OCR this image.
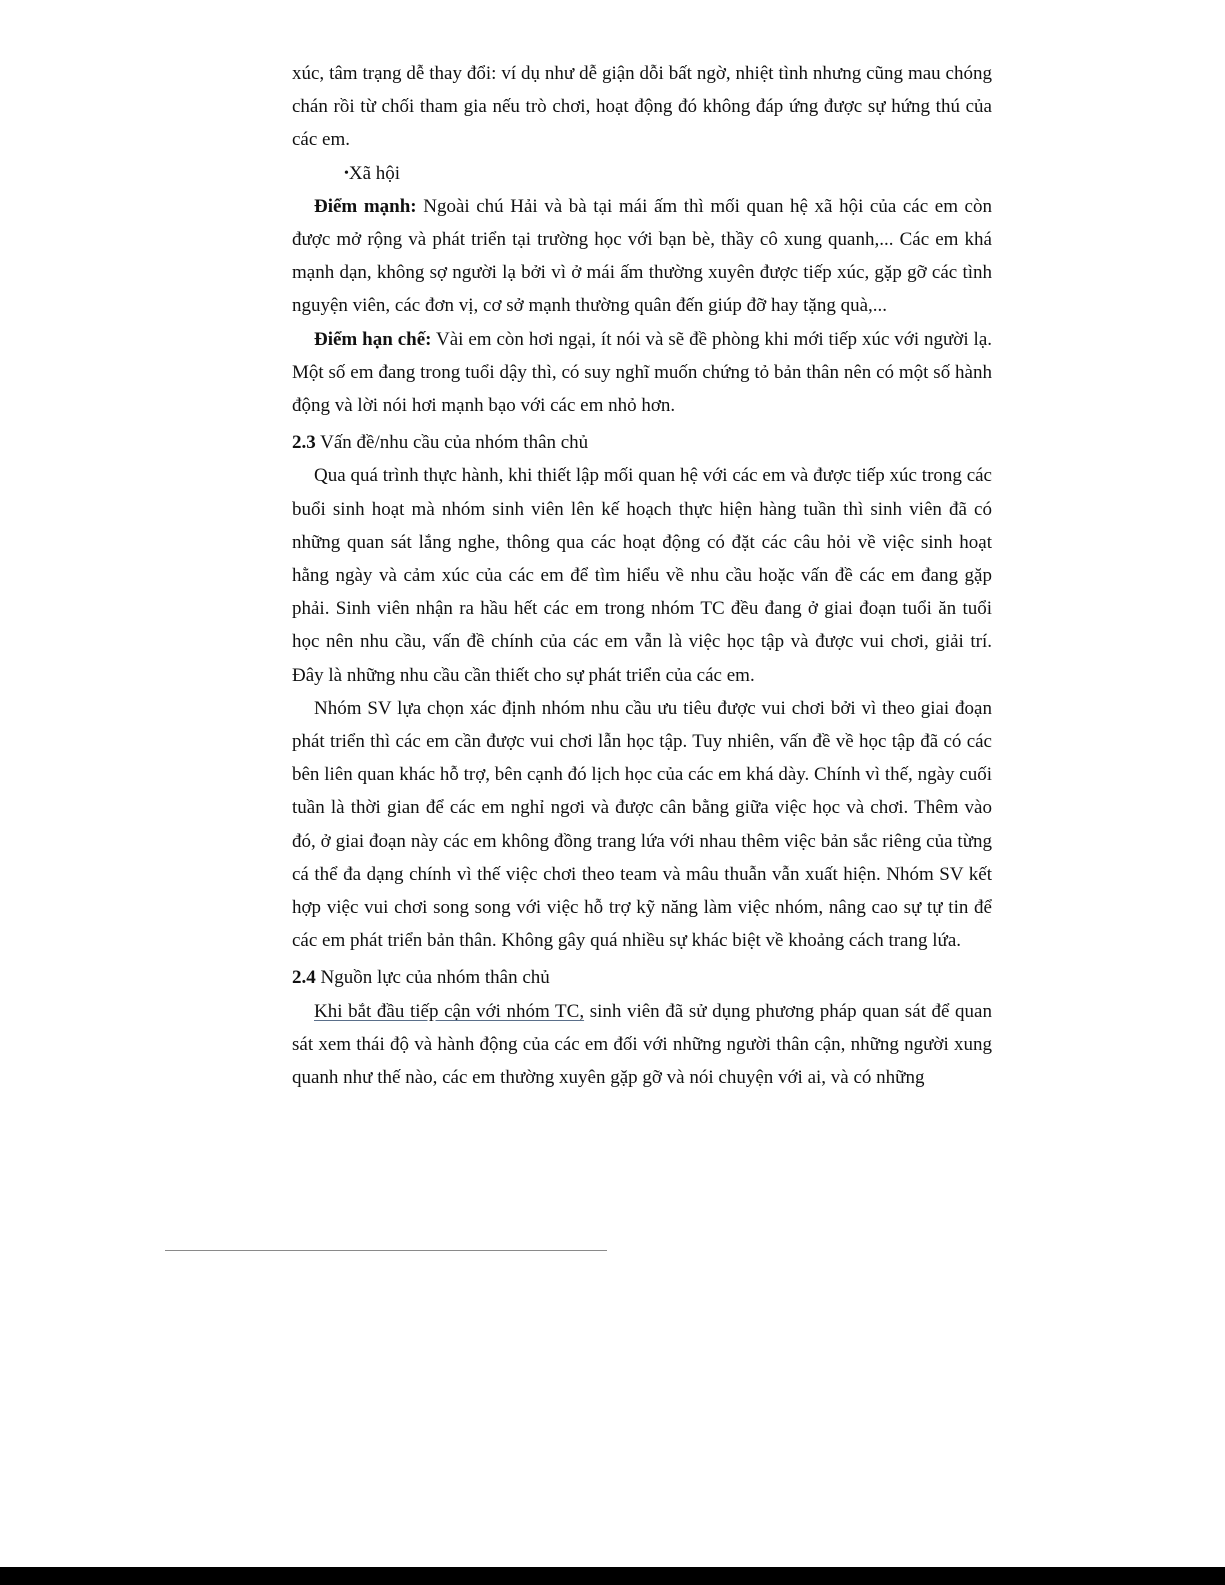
xúc, tâm trạng dễ thay đổi: ví dụ như dễ giận dỗi bất ngờ, nhiệt tình nhưng cũng mau chóng chán rồi từ chối tham gia nếu trò chơi, hoạt động đó không đáp ứng được sự hứng thú của các em.

•Xã hội

Điểm mạnh: Ngoài chú Hải và bà tại mái ấm thì mối quan hệ xã hội của các em còn được mở rộng và phát triển tại trường học với bạn bè, thầy cô xung quanh,... Các em khá mạnh dạn, không sợ người lạ bởi vì ở mái ấm thường xuyên được tiếp xúc, gặp gỡ các tình nguyện viên, các đơn vị, cơ sở mạnh thường quân đến giúp đỡ hay tặng quà,...

Điểm hạn chế: Vài em còn hơi ngại, ít nói và sẽ đề phòng khi mới tiếp xúc với người lạ. Một số em đang trong tuổi dậy thì, có suy nghĩ muốn chứng tỏ bản thân nên có một số hành động và lời nói hơi mạnh bạo với các em nhỏ hơn.

2.3 Vấn đề/nhu cầu của nhóm thân chủ

Qua quá trình thực hành, khi thiết lập mối quan hệ với các em và được tiếp xúc trong các buổi sinh hoạt mà nhóm sinh viên lên kế hoạch thực hiện hàng tuần thì sinh viên đã có những quan sát lắng nghe, thông qua các hoạt động có đặt các câu hỏi về việc sinh hoạt hằng ngày và cảm xúc của các em để tìm hiểu về nhu cầu hoặc vấn đề các em đang gặp phải. Sinh viên nhận ra hầu hết các em trong nhóm TC đều đang ở giai đoạn tuổi ăn tuổi học nên nhu cầu, vấn đề chính của các em vẫn là việc học tập và được vui chơi, giải trí. Đây là những nhu cầu cần thiết cho sự phát triển của các em.

Nhóm SV lựa chọn xác định nhóm nhu cầu ưu tiêu được vui chơi bởi vì theo giai đoạn phát triển thì các em cần được vui chơi lẫn học tập. Tuy nhiên, vấn đề về học tập đã có các bên liên quan khác hỗ trợ, bên cạnh đó lịch học của các em khá dày. Chính vì thế, ngày cuối tuần là thời gian để các em nghỉ ngơi và được cân bằng giữa việc học và chơi. Thêm vào đó, ở giai đoạn này các em không đồng trang lứa với nhau thêm việc bản sắc riêng của từng cá thể đa dạng chính vì thế việc chơi theo team và mâu thuẫn vẫn xuất hiện. Nhóm SV kết hợp việc vui chơi song song với việc hỗ trợ kỹ năng làm việc nhóm, nâng cao sự tự tin để các em phát triển bản thân. Không gây quá nhiều sự khác biệt về khoảng cách trang lứa.

2.4 Nguồn lực của nhóm thân chủ

Khi bắt đầu tiếp cận với nhóm TC, sinh viên đã sử dụng phương pháp quan sát để quan sát xem thái độ và hành động của các em đối với những người thân cận, những người xung quanh như thế nào, các em thường xuyên gặp gỡ và nói chuyện với ai, và có những
